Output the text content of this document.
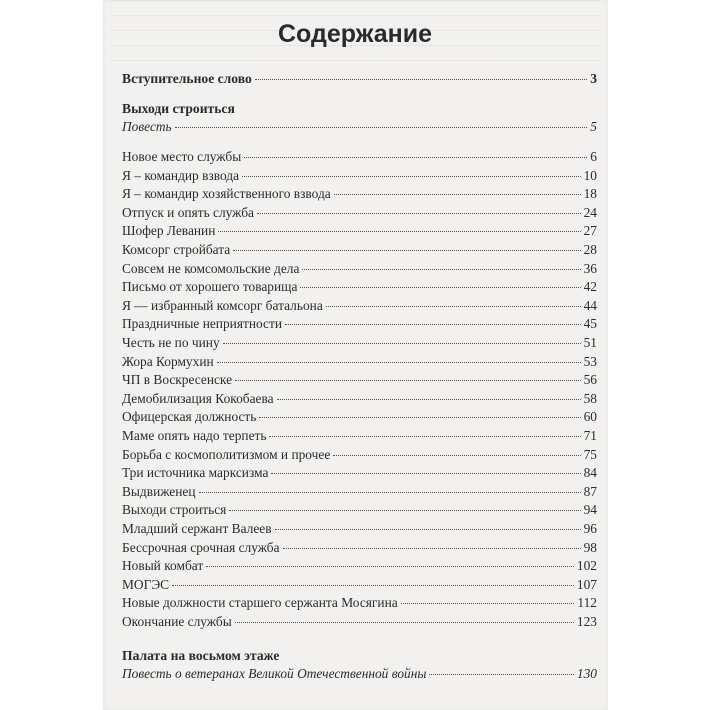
Содержание
Вступительное слово	3
Выходи строиться
Повесть	5
Новое место службы	6
Я – командир взвода	10
Я – командир хозяйственного взвода	18
Отпуск и опять служба	24
Шофер Леванин	27
Комсорг стройбата	28
Совсем не комсомольские дела	36
Письмо от хорошего товарища	42
Я — избранный комсорг батальона	44
Праздничные неприятности	45
Честь не по чину	51
Жора Кормухин	53
ЧП в Воскресенске	56
Демобилизация Кокобаева	58
Офицерская должность	60
Маме опять надо терпеть	71
Борьба с космополитизмом и прочее	75
Три источника марксизма	84
Выдвиженец	87
Выходи строиться	94
Младший сержант Валеев	96
Бессрочная срочная служба	98
Новый комбат	102
МОГЭС	107
Новые должности старшего сержанта Мосягина	112
Окончание службы	123
Палата на восьмом этаже
Повесть о ветеранах Великой Отечественной войны	130
